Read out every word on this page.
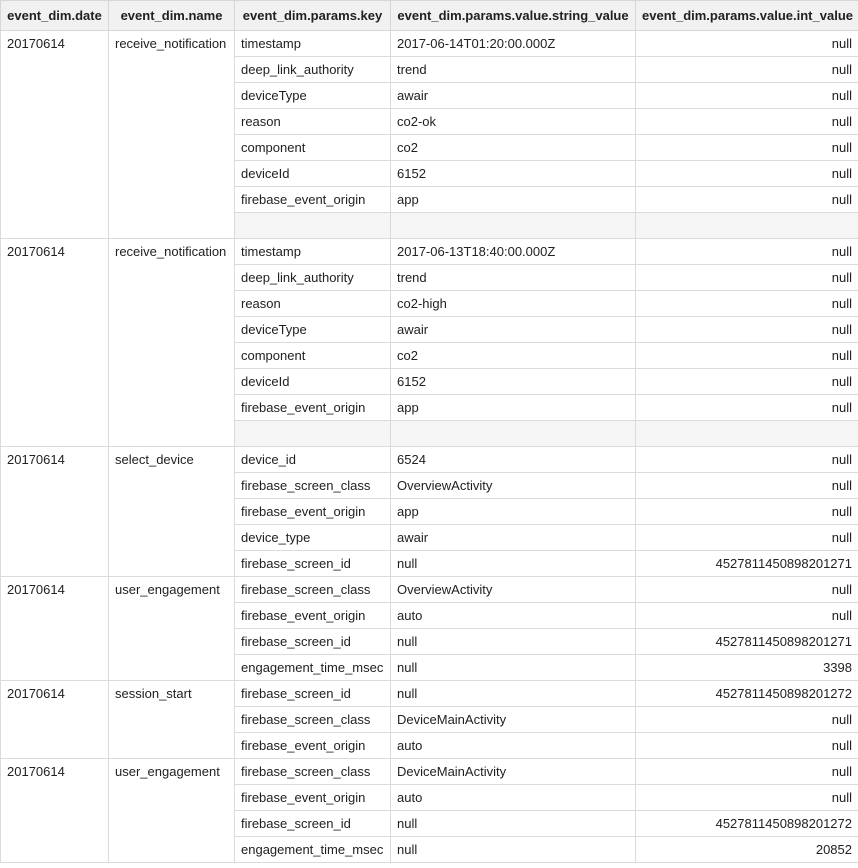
event_dim.date	event_dim.name	event_dim.params.key	event_dim.params.value.string_value	event_dim.params.value.int_value
20170614	receive_notification	timestamp	2017-06-14T01:20:00.000Z	null
		deep_link_authority	trend	null
		deviceType	awair	null
		reason	co2-ok	null
		component	co2	null
		deviceId	6152	null
		firebase_event_origin	app	null

20170614	receive_notification	timestamp	2017-06-13T18:40:00.000Z	null
		deep_link_authority	trend	null
		reason	co2-high	null
		deviceType	awair	null
		component	co2	null
		deviceId	6152	null
		firebase_event_origin	app	null

20170614	select_device	device_id	6524	null
		firebase_screen_class	OverviewActivity	null
		firebase_event_origin	app	null
		device_type	awair	null
		firebase_screen_id	null	4527811450898201271
20170614	user_engagement	firebase_screen_class	OverviewActivity	null
		firebase_event_origin	auto	null
		firebase_screen_id	null	4527811450898201271
		engagement_time_msec	null	3398
20170614	session_start	firebase_screen_id	null	4527811450898201272
		firebase_screen_class	DeviceMainActivity	null
		firebase_event_origin	auto	null
20170614	user_engagement	firebase_screen_class	DeviceMainActivity	null
		firebase_event_origin	auto	null
		firebase_screen_id	null	4527811450898201272
		engagement_time_msec	null	20852
